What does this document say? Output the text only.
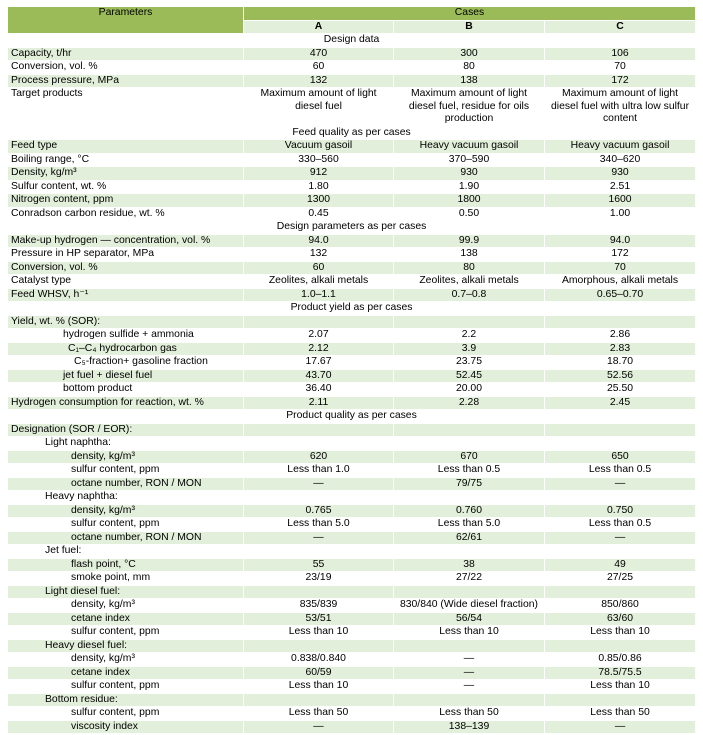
Parameters	Cases		
	A	B	C
Design data			
Capacity, t/hr	470	300	106
Conversion, vol. %	60	80	70
Process pressure, MPa	132	138	172
Target products	Maximum amount of light diesel fuel	Maximum amount of light diesel fuel, residue for oils production	Maximum amount of light diesel fuel with ultra low sulfur content
Feed quality as per cases			
Feed type	Vacuum gasoil	Heavy vacuum gasoil	Heavy vacuum gasoil
Boiling range, °C	330–560	370–590	340–620
Density, kg/m³	912	930	930
Sulfur content, wt. %	1.80	1.90	2.51
Nitrogen content, ppm	1300	1800	1600
Conradson carbon residue, wt. %	0.45	0.50	1.00
Design parameters as per cases			
Make-up hydrogen — concentration, vol. %	94.0	99.9	94.0
Pressure in HP separator, MPa	132	138	172
Conversion, vol. %	60	80	70
Catalyst type	Zeolites, alkali metals	Zeolites, alkali metals	Amorphous, alkali metals
Feed WHSV, h⁻¹	1.0–1.1	0.7–0.8	0.65–0.70
Product yield as per cases			
Yield, wt. % (SOR):			
hydrogen sulfide + ammonia	2.07	2.2	2.86
C₁–C₄ hydrocarbon gas	2.12	3.9	2.83
C₅-fraction+ gasoline fraction	17.67	23.75	18.70
jet fuel + diesel fuel	43.70	52.45	52.56
bottom product	36.40	20.00	25.50
Hydrogen consumption for reaction, wt. %	2.11	2.28	2.45
Product quality as per cases			
Designation (SOR / EOR):			
Light naphtha:			
density, kg/m³	620	670	650
sulfur content, ppm	Less than 1.0	Less than 0.5	Less than 0.5
octane number, RON / MON	—	79/75	—
Heavy naphtha:			
density, kg/m³	0.765	0.760	0.750
sulfur content, ppm	Less than 5.0	Less than 5.0	Less than 0.5
octane number, RON / MON	—	62/61	—
Jet fuel:			
flash point, °C	55	38	49
smoke point, mm	23/19	27/22	27/25
Light diesel fuel:			
density, kg/m³	835/839	830/840 (Wide diesel fraction)	850/860
cetane index	53/51	56/54	63/60
sulfur content, ppm	Less than 10	Less than 10	Less than 10
Heavy diesel fuel:			
density, kg/m³	0.838/0.840	—	0.85/0.86
cetane index	60/59	—	78.5/75.5
sulfur content, ppm	Less than 10	—	Less than 10
Bottom residue:			
sulfur content, ppm	Less than 50	Less than 50	Less than 50
viscosity index	—	138–139	—
